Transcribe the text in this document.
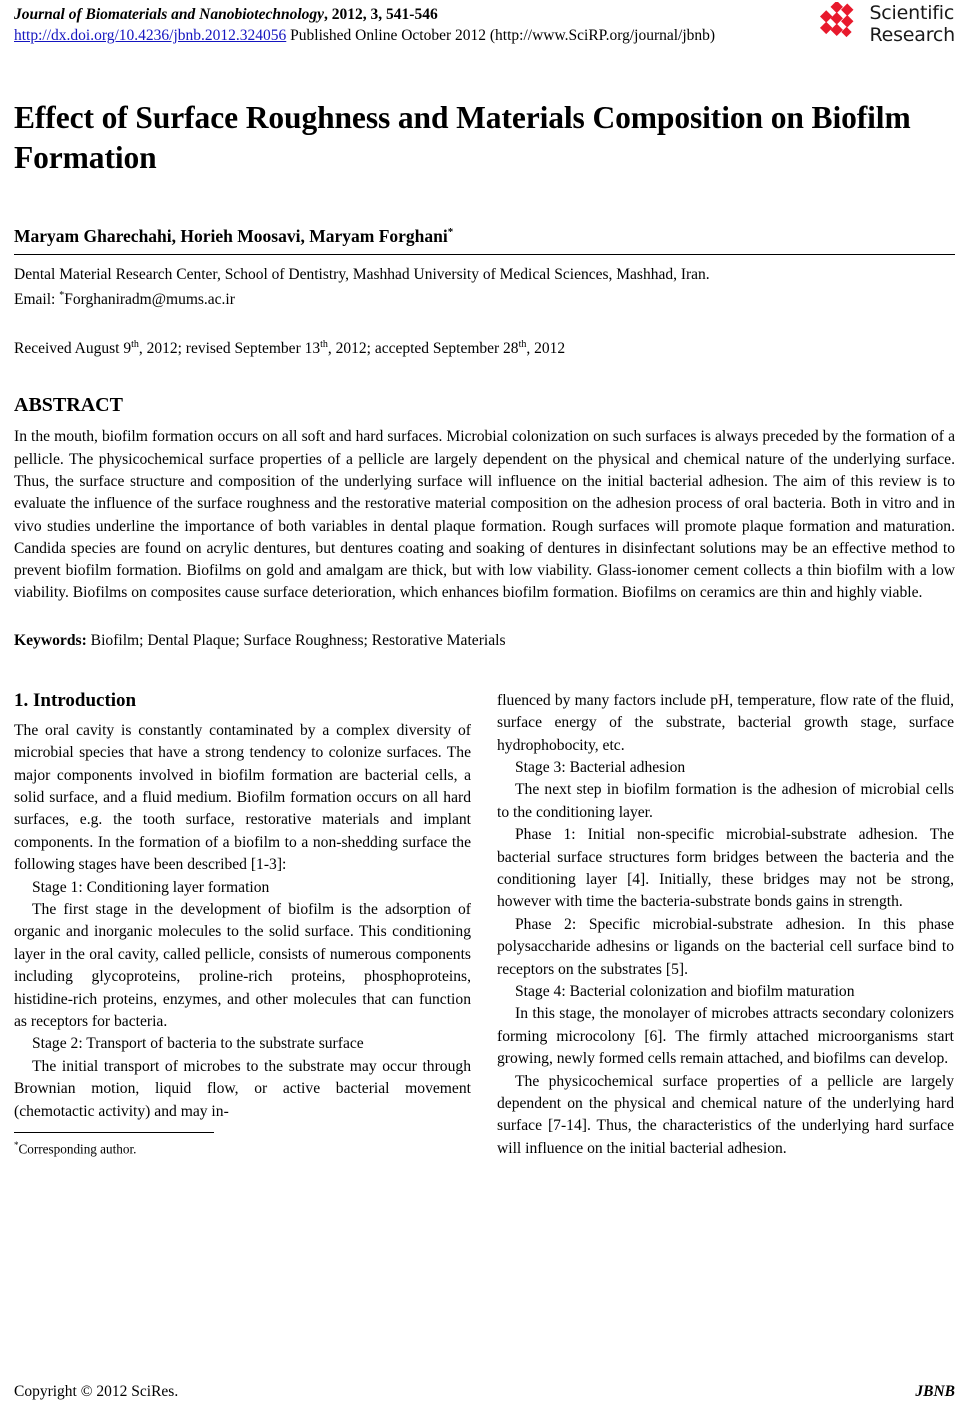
Journal of Biomaterials and Nanobiotechnology, 2012, 3, 541-546
http://dx.doi.org/10.4236/jbnb.2012.324056 Published Online October 2012 (http://www.SciRP.org/journal/jbnb)
Scientific
Research
Effect of Surface Roughness and Materials Composition on Biofilm Formation
Maryam Gharechahi, Horieh Moosavi, Maryam Forghani*
Dental Material Research Center, School of Dentistry, Mashhad University of Medical Sciences, Mashhad, Iran.
Email: *Forghaniradm@mums.ac.ir
Received August 9th, 2012; revised September 13th, 2012; accepted September 28th, 2012
ABSTRACT
In the mouth, biofilm formation occurs on all soft and hard surfaces. Microbial colonization on such surfaces is always preceded by the formation of a pellicle. The physicochemical surface properties of a pellicle are largely dependent on the physical and chemical nature of the underlying surface. Thus, the surface structure and composition of the underlying surface will influence on the initial bacterial adhesion. The aim of this review is to evaluate the influence of the surface roughness and the restorative material composition on the adhesion process of oral bacteria. Both in vitro and in vivo studies underline the importance of both variables in dental plaque formation. Rough surfaces will promote plaque formation and maturation. Candida species are found on acrylic dentures, but dentures coating and soaking of dentures in disinfectant solutions may be an effective method to prevent biofilm formation. Biofilms on gold and amalgam are thick, but with low viability. Glass-ionomer cement collects a thin biofilm with a low viability. Biofilms on composites cause surface deterioration, which enhances biofilm formation. Biofilms on ceramics are thin and highly viable.
Keywords: Biofilm; Dental Plaque; Surface Roughness; Restorative Materials
1. Introduction

The oral cavity is constantly contaminated by a complex diversity of microbial species that have a strong tendency to colonize surfaces. The major components involved in biofilm formation are bacterial cells, a solid surface, and a fluid medium. Biofilm formation occurs on all hard surfaces, e.g. the tooth surface, restorative materials and implant components. In the formation of a biofilm to a non-shedding surface the following stages have been described [1-3]:

Stage 1: Conditioning layer formation

The first stage in the development of biofilm is the adsorption of organic and inorganic molecules to the solid surface. This conditioning layer in the oral cavity, called pellicle, consists of numerous components including glycoproteins, proline-rich proteins, phosphoproteins, histidine-rich proteins, enzymes, and other molecules that can function as receptors for bacteria.

Stage 2: Transport of bacteria to the substrate surface

The initial transport of microbes to the substrate may occur through Brownian motion, liquid flow, or active bacterial movement (chemotactic activity) and may in-

*Corresponding author.

fluenced by many factors include pH, temperature, flow rate of the fluid, surface energy of the substrate, bacterial growth stage, surface hydrophobocity, etc.

Stage 3: Bacterial adhesion

The next step in biofilm formation is the adhesion of microbial cells to the conditioning layer.

Phase 1: Initial non-specific microbial-substrate adhesion. The bacterial surface structures form bridges between the bacteria and the conditioning layer [4]. Initially, these bridges may not be strong, however with time the bacteria-substrate bonds gains in strength.

Phase 2: Specific microbial-substrate adhesion. In this phase polysaccharide adhesins or ligands on the bacterial cell surface bind to receptors on the substrates [5].

Stage 4: Bacterial colonization and biofilm maturation

In this stage, the monolayer of microbes attracts secondary colonizers forming microcolony [6]. The firmly attached microorganisms start growing, newly formed cells remain attached, and biofilms can develop.

The physicochemical surface properties of a pellicle are largely dependent on the physical and chemical nature of the underlying hard surface [7-14]. Thus, the characteristics of the underlying hard surface will influence on the initial bacterial adhesion.

Copyright © 2012 SciRes.	JBNB
